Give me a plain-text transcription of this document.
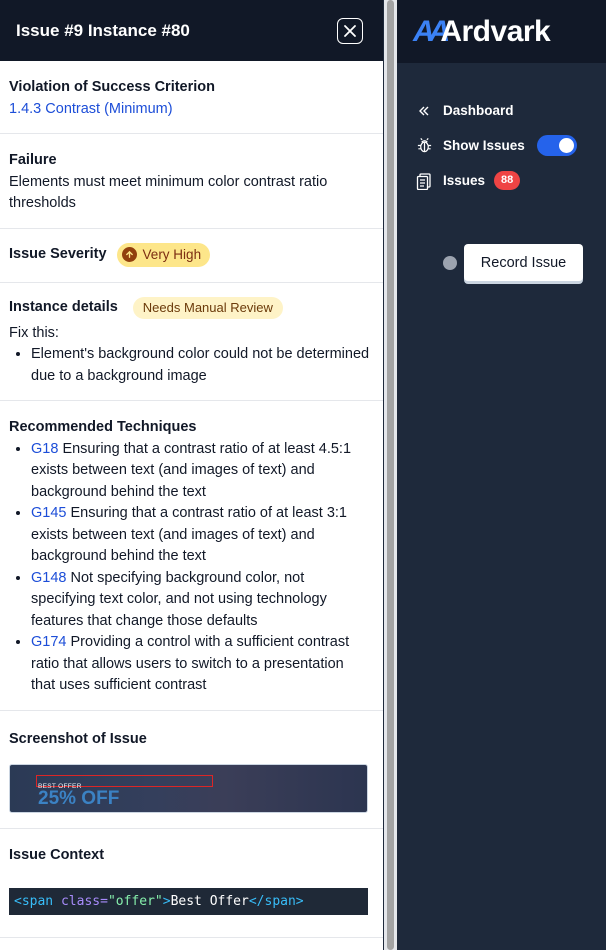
Issue #9 Instance #80
Violation of Success Criterion
1.4.3 Contrast (Minimum)
Failure
Elements must meet minimum color contrast ratio thresholds
Issue Severity	Very High
Instance details	Needs Manual Review
Fix this:
• Element's background color could not be determined due to a background image
Recommended Techniques
• G18 Ensuring that a contrast ratio of at least 4.5:1 exists between text (and images of text) and background behind the text
• G145 Ensuring that a contrast ratio of at least 3:1 exists between text (and images of text) and background behind the text
• G148 Not specifying background color, not specifying text color, and not using technology features that change those defaults
• G174 Providing a control with a sufficient contrast ratio that allows users to switch to a presentation that uses sufficient contrast
Screenshot of Issue
BEST OFFER
25% OFF
Issue Context
<span class="offer">Best Offer</span>
AA
Ardvark
Dashboard
Show Issues
Issues	88
Record Issue
